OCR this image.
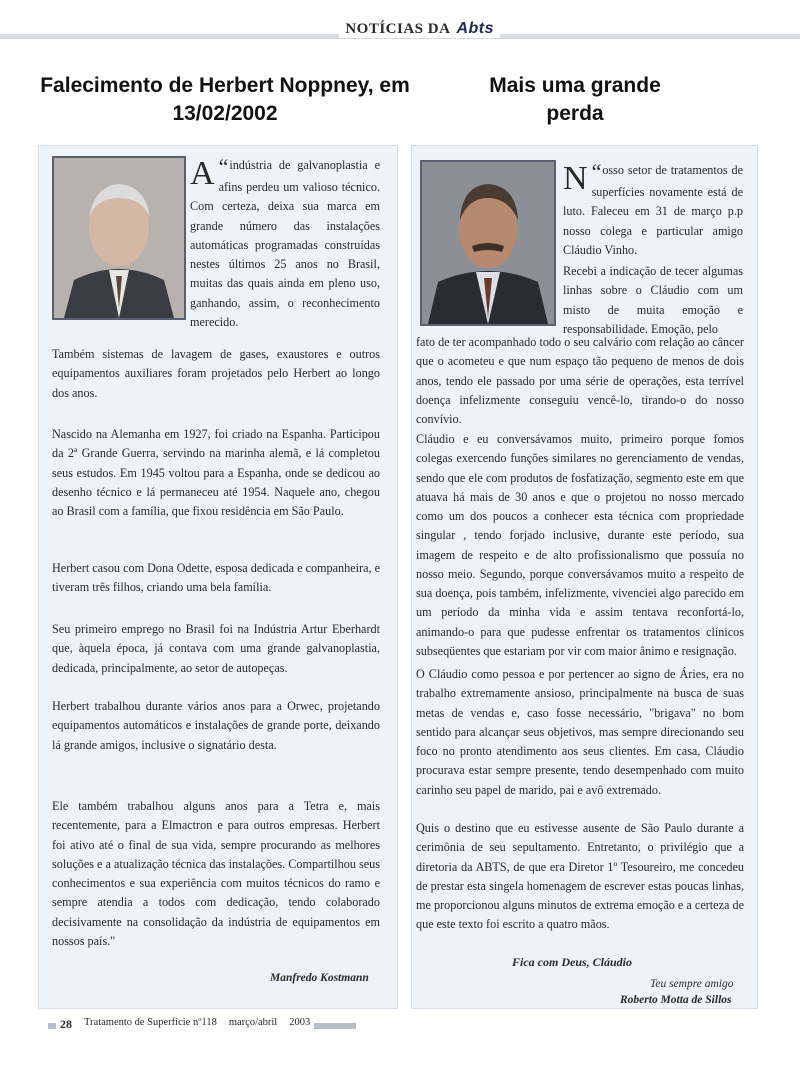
NOTÍCIAS DA Abts
Falecimento de Herbert Noppney, em 13/02/2002
Mais uma grande perda

“
A indústria de galvanoplastia e afins perdeu um valioso técnico. Com certeza, deixa sua marca em grande número das instalações automáticas programadas construídas nestes últimos 25 anos no Brasil, muitas das quais ainda em pleno uso, ganhando, assim, o reconhecimento merecido.

Também sistemas de lavagem de gases, exaustores e outros equipamentos auxiliares foram projetados pelo Herbert ao longo dos anos.

Nascido na Alemanha em 1927, foi criado na Espanha. Participou da 2ª Grande Guerra, servindo na marinha alemã, e lá completou seus estudos. Em 1945 voltou para a Espanha, onde se dedicou ao desenho técnico e lá permaneceu até 1954. Naquele ano, chegou ao Brasil com a família, que fixou residência em São Paulo.

Herbert casou com Dona Odette, esposa dedicada e companheira, e tiveram três filhos, criando uma bela família.

Seu primeiro emprego no Brasil foi na Indústria Artur Eberhardt que, àquela época, já contava com uma grande galvanoplastia, dedicada, principalmente, ao setor de autopeças.

Herbert trabalhou durante vários anos para a Orwec, projetando equipamentos automáticos e instalações de grande porte, deixando lá grande amigos, inclusive o signatário desta.

Ele também trabalhou alguns anos para a Tetra e, mais recentemente, para a Elmactron e para outros empresas. Herbert foi ativo até o final de sua vida, sempre procurando as melhores soluções e a atualização técnica das instalações. Compartilhou seus conhecimentos e sua experiência com muitos técnicos do ramo e sempre atendia a todos com dedicação, tendo colaborado decisivamente na consolidação da indústria de equipamentos em nossos país."

Manfredo Kostmann

“
N osso setor de tratamentos de superfícies novamente está de luto. Faleceu em 31 de março p.p nosso colega e particular amigo Cláudio Vinho.

Recebi a indicação de tecer algumas linhas sobre o Cláudio com um misto de muita emoção e responsabilidade. Emoção, pelo

fato de ter acompanhado todo o seu calvário com relação ao câncer que o acometeu e que num espaço tão pequeno de menos de dois anos, tendo ele passado por uma série de operações, esta terrível doença infelizmente conseguiu vencê-lo, tirando-o do nosso convívio.

Cláudio e eu conversávamos muito, primeiro porque fomos colegas exercendo funções similares no gerenciamento de vendas, sendo que ele com produtos de fosfatização, segmento este em que atuava há mais de 30 anos e que o projetou no nosso mercado como um dos poucos a conhecer esta técnica com propriedade singular , tendo forjado inclusive, durante este período, sua imagem de respeito e de alto profissionalismo que possuía no nosso meio. Segundo, porque conversávamos muito a respeito de sua doença, pois também, infelizmente, vivenciei algo parecido em um período da minha vida e assim tentava reconfortá-lo, animando-o para que pudesse enfrentar os tratamentos clínicos subseqüentes que estariam por vir com maior ânimo e resignação.

O Cláudio como pessoa e por pertencer ao signo de Áries, era no trabalho extremamente ansioso, principalmente na busca de suas metas de vendas e, caso fosse necessário, "brigava" no bom sentido para alcançar seus objetivos, mas sempre direcionando seu foco no pronto atendimento aos seus clientes. Em casa, Cláudio procurava estar sempre presente, tendo desempenhado com muito carinho seu papel de marido, pai e avô extremado.

Quis o destino que eu estivesse ausente de São Paulo durante a cerimônia de seu sepultamento. Entretanto, o privilégio que a diretoria da ABTS, de que era Diretor 1º Tesoureiro, me concedeu de prestar esta singela homenagem de escrever estas poucas linhas, me proporcionou alguns minutos de extrema emoção e a certeza de que este texto foi escrito a quatro mãos.

Fica com Deus, Cláudio
Teu sempre amigo
Roberto Motta de Sillos
28 Tratamento de Superfície nº118 março/abril 2003
